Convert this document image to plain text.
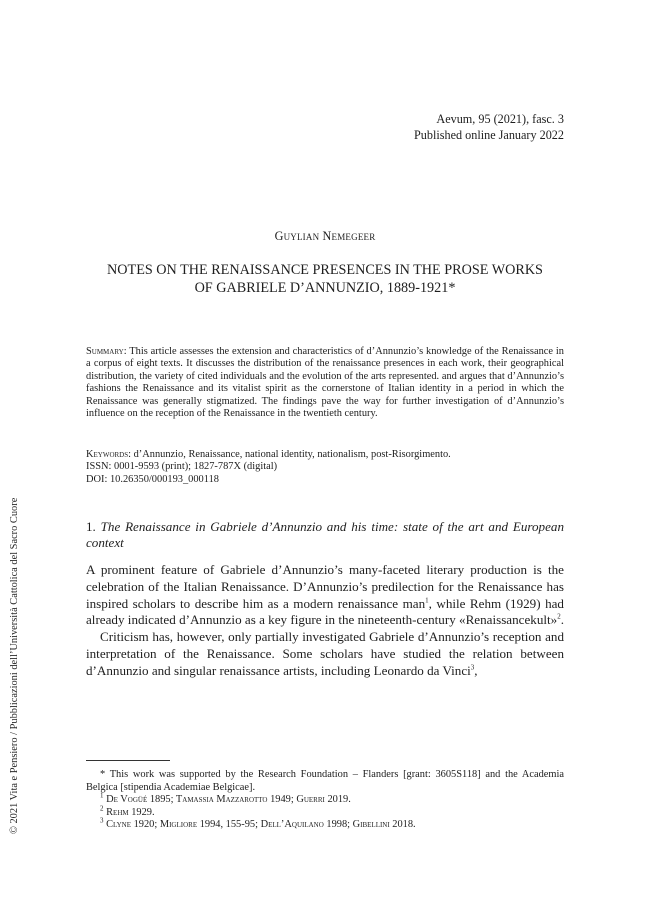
Aevum, 95 (2021), fasc. 3
Published online January 2022
Guylian Nemegeer
NOTES ON THE RENAISSANCE PRESENCES IN THE PROSE WORKS
OF GABRIELE D’ANNUNZIO, 1889-1921*
Summary: This article assesses the extension and characteristics of d’Annunzio’s knowledge of the Renaissance in a corpus of eight texts. It discusses the distribution of the renaissance presences in each work, their geographical distribution, the variety of cited individuals and the evolution of the arts represented. and argues that d’Annunzio’s fashions the Renaissance and its vitalist spirit as the cornerstone of Italian identity in a period in which the Renaissance was generally stigmatized. The findings pave the way for further investigation of d’Annunzio’s influence on the reception of the Renaissance in the twentieth century.
Keywords: d’Annunzio, Renaissance, national identity, nationalism, post-Risorgimento.
ISSN: 0001-9593 (print); 1827-787X (digital)
DOI: 10.26350/000193_000118
1. The Renaissance in Gabriele d’Annunzio and his time: state of the art and European context

A prominent feature of Gabriele d’Annunzio’s many-faceted literary production is the celebration of the Italian Renaissance. D’Annunzio’s predilection for the Renaissance has inspired scholars to describe him as a modern renaissance man$^1$, while Rehm (1929) had already indicated d’Annunzio as a key figure in the nineteenth-century «Renaissancekult»$^2$.

Criticism has, however, only partially investigated Gabriele d’Annunzio’s reception and interpretation of the Renaissance. Some scholars have studied the relation between d’Annunzio and singular renaissance artists, including Leonardo da Vinci$^3$,

* This work was supported by the Research Foundation – Flanders [grant: 3605S118] and the Academia Belgica [stipendia Academiae Belgicae].
$^1$ De Vogüé 1895; Tamassia Mazzarotto 1949; Guerri 2019.
$^2$ Rehm 1929.
$^3$ Clyne 1920; Migliore 1994, 155-95; Dell’Aquilano 1998; Gibellini 2018.
© 2021 Vita e Pensiero / Pubblicazioni dell’Università Cattolica del Sacro Cuore
